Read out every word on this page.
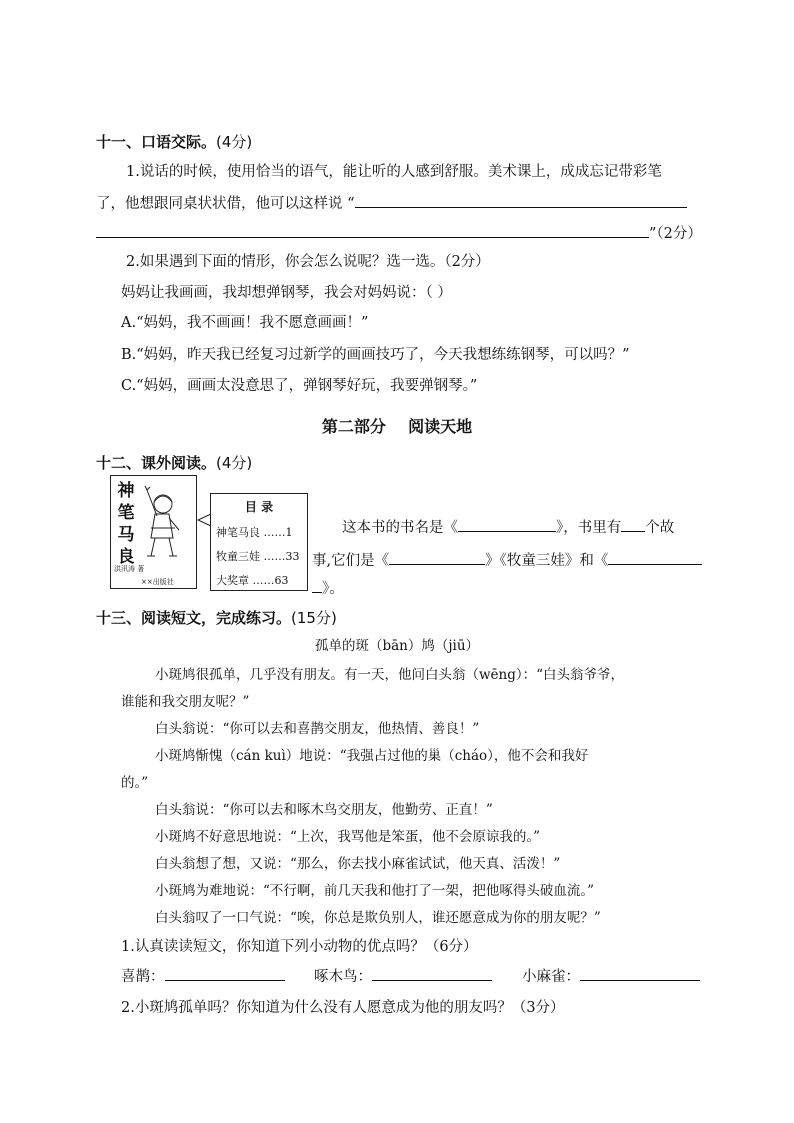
十一、口语交际。(4分)
1.说话的时候，使用恰当的语气，能让听的人感到舒服。美术课上，成成忘记带彩笔
了，他想跟同桌状状借，他可以这样说 “
”（2分）
2.如果遇到下面的情形，你会怎么说呢？选一选。（2分）
妈妈让我画画，我却想弹钢琴，我会对妈妈说：（ ）
A.“妈妈，我不画画！我不愿意画画！”
B.“妈妈，昨天我已经复习过新学的画画技巧了，今天我想练练钢琴，可以吗？”
C.“妈妈，画画太没意思了，弹钢琴好玩，我要弹钢琴。”
第二部分    阅读天地
十二、课外阅读。(4分)
神笔马良
洪汛涛 著
××出版社
目 录
神笔马良 ……1
牧童三娃 ……33
大奖章 ……63
这本书的书名是《	》，书里有 个故
事,它们是《	》《牧童三娃》和《
》。
十三、阅读短文，完成练习。(15分)
孤单的斑（bān）鸠（jiū）
小斑鸠很孤单，几乎没有朋友。有一天，他问白头翁（wēng）：“白头翁爷爷，
谁能和我交朋友呢？”
白头翁说：“你可以去和喜鹊交朋友，他热情、善良！”
小斑鸠惭愧（cán kuì）地说：“我强占过他的巢（cháo），他不会和我好
的。”
白头翁说：“你可以去和啄木鸟交朋友，他勤劳、正直！”
小斑鸠不好意思地说：“上次，我骂他是笨蛋，他不会原谅我的。”
白头翁想了想，又说：“那么，你去找小麻雀试试，他天真、活泼！”
小斑鸠为难地说：“不行啊，前几天我和他打了一架，把他啄得头破血流。”
白头翁叹了一口气说：“唉，你总是欺负别人，谁还愿意成为你的朋友呢？”
1.认真读读短文，你知道下列小动物的优点吗？（6分）
喜鹊：	啄木鸟：	小麻雀：
2.小斑鸠孤单吗？你知道为什么没有人愿意成为他的朋友吗？（3分）
